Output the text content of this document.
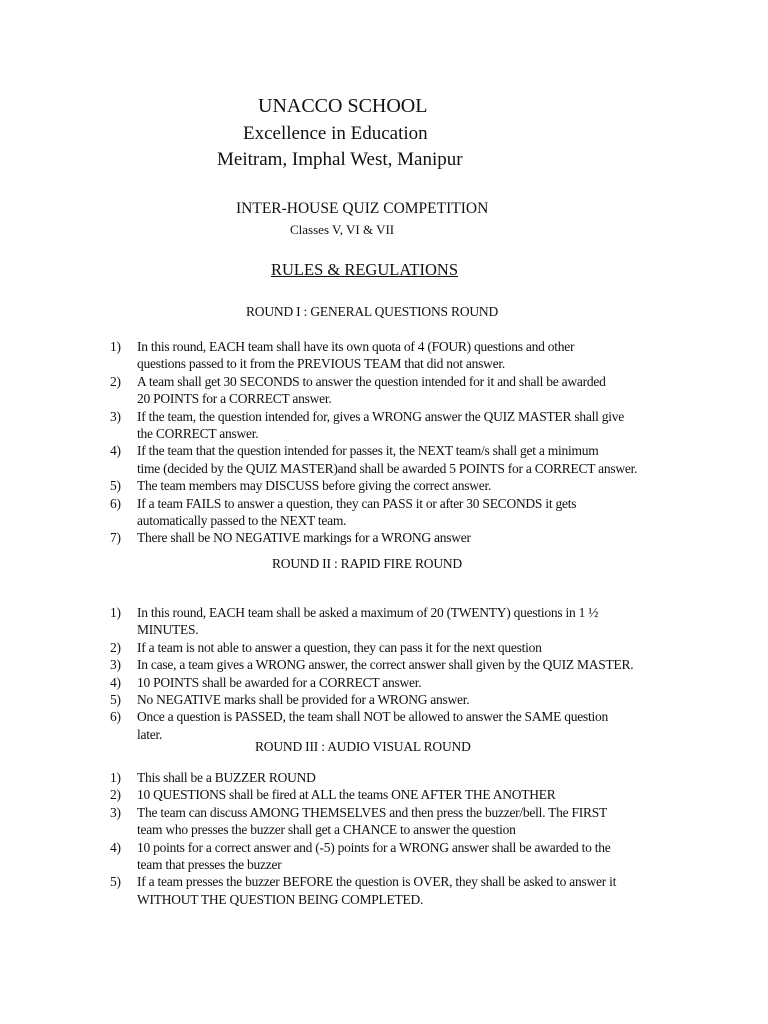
UNACCO SCHOOL
Excellence in Education
Meitram, Imphal West, Manipur
INTER-HOUSE QUIZ COMPETITION
Classes V, VI & VII
RULES & REGULATIONS
ROUND I : GENERAL QUESTIONS ROUND
1)	In this round, EACH team shall have its own quota of 4 (FOUR) questions and other
questions passed to it from the PREVIOUS TEAM that did not answer.
2)	A team shall get 30 SECONDS to answer the question intended for it and shall be awarded
20 POINTS for a CORRECT answer.
3)	If the team, the question intended for, gives a WRONG answer the QUIZ MASTER shall give
the CORRECT answer.
4)	If the team that the question intended for passes it, the NEXT team/s shall get a minimum
time (decided by the QUIZ MASTER)and shall be awarded 5 POINTS for a CORRECT answer.
5)	The team members may DISCUSS before giving the correct answer.
6)	If a team FAILS to answer a question, they can PASS it or after 30 SECONDS it gets
automatically passed to the NEXT team.
7)	There shall be NO NEGATIVE markings for a WRONG answer
ROUND II : RAPID FIRE ROUND
1)	In this round, EACH team shall be asked a maximum of 20 (TWENTY) questions in 1 ½
MINUTES.
2)	If a team is not able to answer a question, they can pass it for the next question
3)	In case, a team gives a WRONG answer, the correct answer shall given by the QUIZ MASTER.
4)	10 POINTS shall be awarded for a CORRECT answer.
5)	No NEGATIVE marks shall be provided for a WRONG answer.
6)	Once a question is PASSED, the team shall NOT be allowed to answer the SAME question
later.
ROUND III : AUDIO VISUAL ROUND
1)	This shall be a BUZZER ROUND
2)	10 QUESTIONS shall be fired at ALL the teams ONE AFTER THE ANOTHER
3)	The team can discuss AMONG THEMSELVES and then press the buzzer/bell. The FIRST
team who presses the buzzer shall get a CHANCE to answer the question
4)	10 points for a correct answer and (-5) points for a WRONG answer shall be awarded to the
team that presses the buzzer
5)	If a team presses the buzzer BEFORE the question is OVER, they shall be asked to answer it
WITHOUT THE QUESTION BEING COMPLETED.
